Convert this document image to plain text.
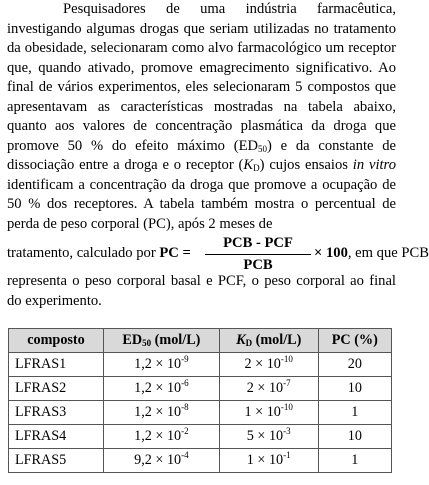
Pesquisadores de uma indústria farmacêutica, investigando algumas drogas que seriam utilizadas no tratamento da obesidade, selecionaram como alvo farmacológico um receptor que, quando ativado, promove emagrecimento significativo. Ao final de vários experimentos, eles selecionaram 5 compostos que apresentavam as características mostradas na tabela abaixo, quanto aos valores de concentração plasmática da droga que promove 50 % do efeito máximo $(ED_{50})$ e da constante de dissociação entre a droga e o receptor $(K_D)$ cujos ensaios in vitro identificam a concentração da droga que promove a ocupação de 50 % dos receptores. A tabela também mostra o percentual de perda de peso corporal (PC), após 2 meses de
tratamento, calculado por PC =
PCB - PCF
PCB
× 100, em que PCB
representa o peso corporal basal e PCF, o peso corporal ao final do experimento.
composto	$ED_{50}$ (mol/L)	$K_D$ (mol/L)	PC (%)
LFRAS1	$1,2 \times 10^{-9}$	$2 \times 10^{-10}$	20
LFRAS2	$1,2 \times 10^{-6}$	$2 \times 10^{-7}$	10
LFRAS3	$1,2 \times 10^{-8}$	$1 \times 10^{-10}$	1
LFRAS4	$1,2 \times 10^{-2}$	$5 \times 10^{-3}$	10
LFRAS5	$9,2 \times 10^{-4}$	$1 \times 10^{-1}$	1
